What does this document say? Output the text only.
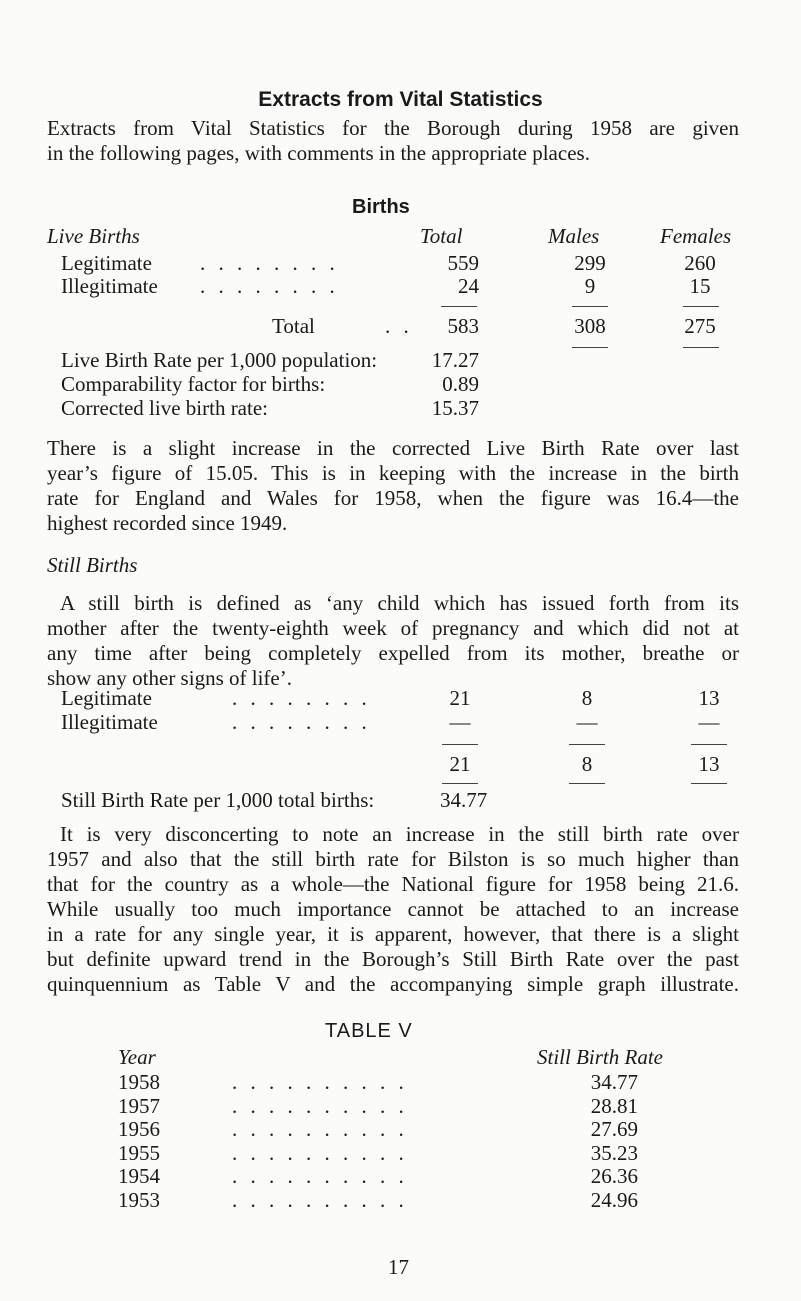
Extracts from Vital Statistics
Extracts from Vital Statistics for the Borough during 1958 are given
in the following pages, with comments in the appropriate places.
Births
Live Births	Total	Males	Females
Legitimate . . . . . . . .	559	299	260
Illegitimate . . . . . . . .	24	9	15
Total	. .	583	308	275
Live Birth Rate per 1,000 population:	17.27
Comparability factor for births:	0.89
Corrected live birth rate:	15.37
There is a slight increase in the corrected Live Birth Rate over last
year’s figure of 15.05. This is in keeping with the increase in the birth
rate for England and Wales for 1958, when the figure was 16.4—the
highest recorded since 1949.
Still Births
A still birth is defined as ‘any child which has issued forth from its
mother after the twenty-eighth week of pregnancy and which did not at
any time after being completely expelled from its mother, breathe or
show any other signs of life’.
Legitimate	. . . . . . . .	21	8	13
Illegitimate	. . . . . . . .	—	—	—
21	8	13
Still Birth Rate per 1,000 total births:	34.77
It is very disconcerting to note an increase in the still birth rate over
1957 and also that the still birth rate for Bilston is so much higher than
that for the country as a whole—the National figure for 1958 being 21.6.
While usually too much importance cannot be attached to an increase
in a rate for any single year, it is apparent, however, that there is a slight
but definite upward trend in the Borough’s Still Birth Rate over the past
quinquennium as Table V and the accompanying simple graph illustrate.
TABLE V
Year	Still Birth Rate
1958	. . . . . . . . . .	34.77
1957	. . . . . . . . . .	28.81
1956	. . . . . . . . . .	27.69
1955	. . . . . . . . . .	35.23
1954	. . . . . . . . . .	26.36
1953	. . . . . . . . . .	24.96
17
